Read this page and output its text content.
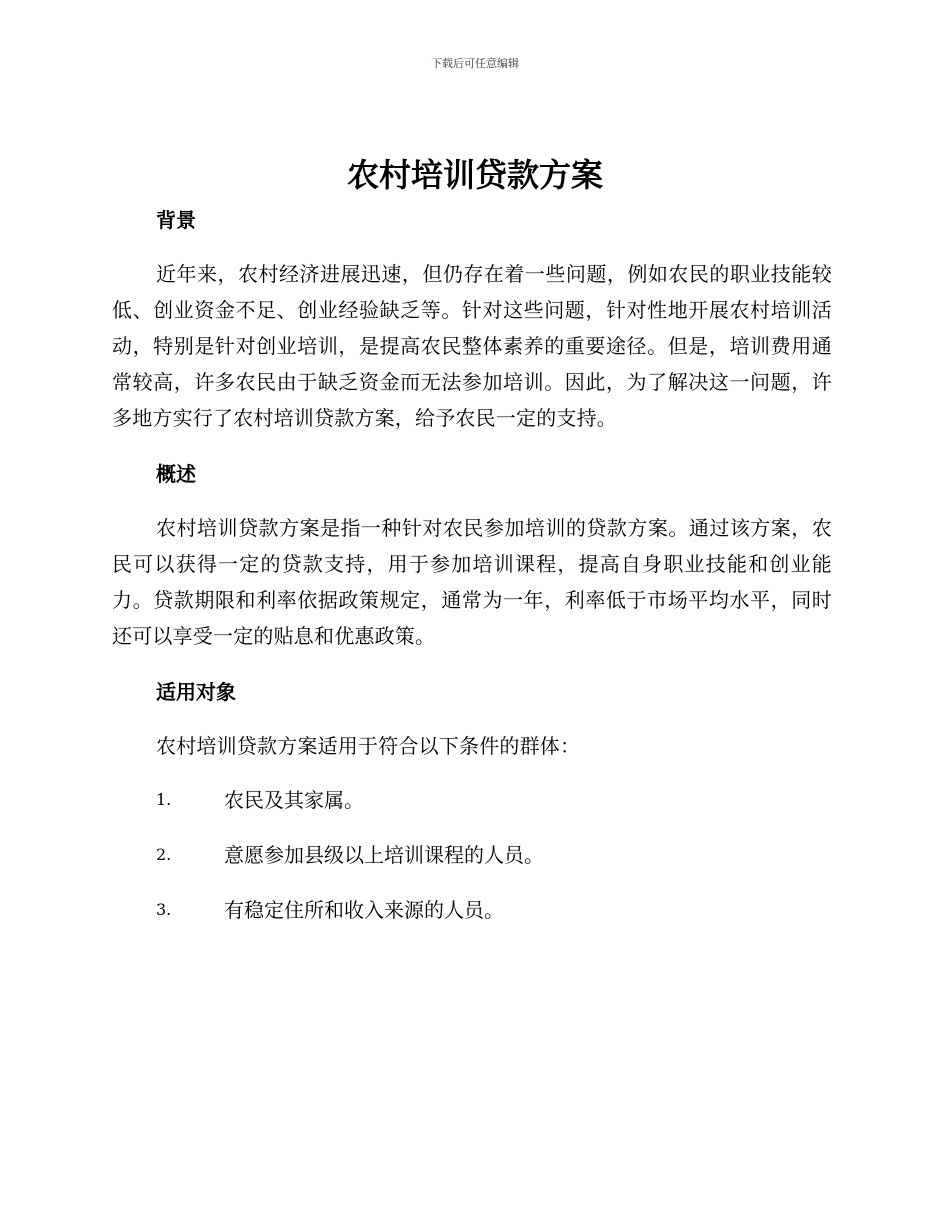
下载后可任意编辑
农村培训贷款方案
背景

近年来，农村经济进展迅速，但仍存在着一些问题，例如农民的职业技能较低、创业资金不足、创业经验缺乏等。针对这些问题，针对性地开展农村培训活动，特别是针对创业培训，是提高农民整体素养的重要途径。但是，培训费用通常较高，许多农民由于缺乏资金而无法参加培训。因此，为了解决这一问题，许多地方实行了农村培训贷款方案，给予农民一定的支持。

概述

农村培训贷款方案是指一种针对农民参加培训的贷款方案。通过该方案，农民可以获得一定的贷款支持，用于参加培训课程，提高自身职业技能和创业能力。贷款期限和利率依据政策规定，通常为一年，利率低于市场平均水平，同时还可以享受一定的贴息和优惠政策。

适用对象

农村培训贷款方案适用于符合以下条件的群体：

1.	农民及其家属。
2.	意愿参加县级以上培训课程的人员。
3.	有稳定住所和收入来源的人员。
